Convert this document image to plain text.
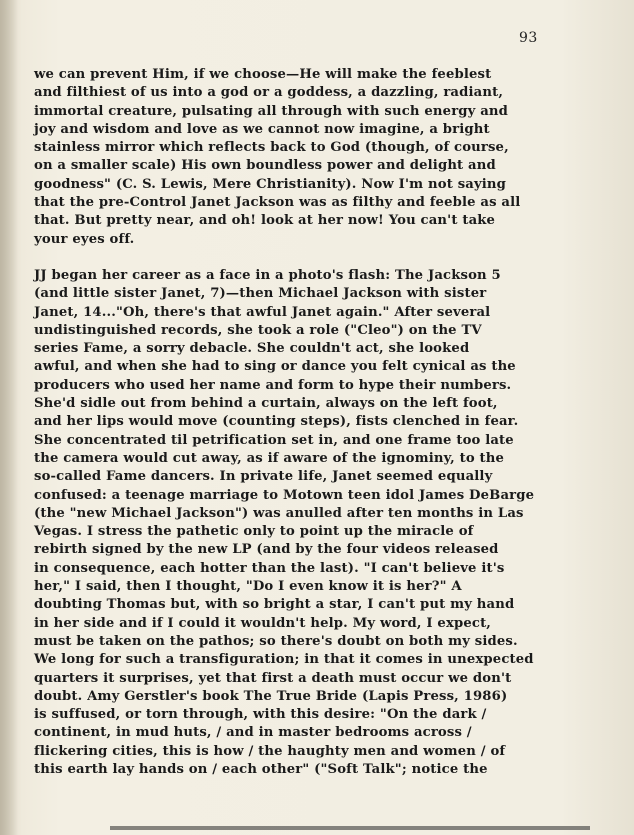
93
we can prevent Him, if we choose—He will make the feeblest
and filthiest of us into a god or a goddess, a dazzling, radiant,
immortal creature, pulsating all through with such energy and
joy and wisdom and love as we cannot now imagine, a bright
stainless mirror which reflects back to God (though, of course,
on a smaller scale) His own boundless power and delight and
goodness" (C. S. Lewis, Mere Christianity). Now I'm not saying
that the pre-Control Janet Jackson was as filthy and feeble as all
that. But pretty near, and oh! look at her now! You can't take
your eyes off.
JJ began her career as a face in a photo's flash: The Jackson 5
(and little sister Janet, 7)—then Michael Jackson with sister
Janet, 14..."Oh, there's that awful Janet again." After several
undistinguished records, she took a role ("Cleo") on the TV
series Fame, a sorry debacle. She couldn't act, she looked
awful, and when she had to sing or dance you felt cynical as the
producers who used her name and form to hype their numbers.
She'd sidle out from behind a curtain, always on the left foot,
and her lips would move (counting steps), fists clenched in fear.
She concentrated til petrification set in, and one frame too late
the camera would cut away, as if aware of the ignominy, to the
so-called Fame dancers. In private life, Janet seemed equally
confused: a teenage marriage to Motown teen idol James DeBarge
(the "new Michael Jackson") was anulled after ten months in Las
Vegas. I stress the pathetic only to point up the miracle of
rebirth signed by the new LP (and by the four videos released
in consequence, each hotter than the last). "I can't believe it's
her," I said, then I thought, "Do I even know it is her?" A
doubting Thomas but, with so bright a star, I can't put my hand
in her side and if I could it wouldn't help. My word, I expect,
must be taken on the pathos; so there's doubt on both my sides.
We long for such a transfiguration; in that it comes in unexpected
quarters it surprises, yet that first a death must occur we don't
doubt. Amy Gerstler's book The True Bride (Lapis Press, 1986)
is suffused, or torn through, with this desire: "On the dark /
continent, in mud huts, / and in master bedrooms across /
flickering cities, this is how / the haughty men and women / of
this earth lay hands on / each other" ("Soft Talk"; notice the
